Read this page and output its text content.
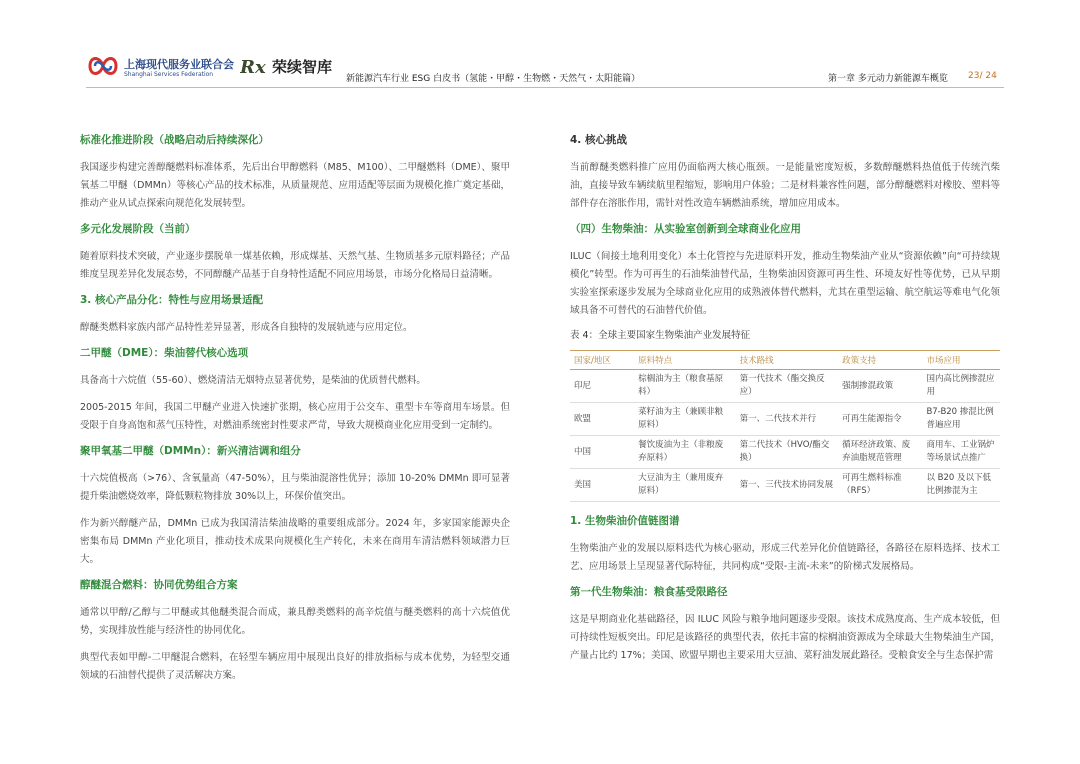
上海现代服务业联合会
Shanghai Services Federation Rx 荣续智库
新能源汽车行业 ESG 白皮书（氢能・甲醇・生物燃・天然气・太阳能篇）	第一章 多元动力新能源车概览 23/ 24
标准化推进阶段（战略启动后持续深化）

我国逐步构建完善醇醚燃料标准体系，先后出台甲醇燃料（M85、M100）、二甲醚燃料（DME）、聚甲氧基二甲醚（DMMn）等核心产品的技术标准，从质量规范、应用适配等层面为规模化推广奠定基础，推动产业从试点探索向规范化发展转型。

多元化发展阶段（当前）

随着原料技术突破，产业逐步摆脱单一煤基依赖，形成煤基、天然气基、生物质基多元原料路径；产品维度呈现差异化发展态势，不同醇醚产品基于自身特性适配不同应用场景，市场分化格局日益清晰。

3. 核心产品分化：特性与应用场景适配

醇醚类燃料家族内部产品特性差异显著，形成各自独特的发展轨迹与应用定位。

二甲醚（DME）：柴油替代核心选项

具备高十六烷值（55-60）、燃烧清洁无烟特点显著优势，是柴油的优质替代燃料。

2005-2015 年间，我国二甲醚产业进入快速扩张期，核心应用于公交车、重型卡车等商用车场景。但受限于自身高饱和蒸气压特性，对燃油系统密封性要求严苛，导致大规模商业化应用受到一定制约。

聚甲氧基二甲醚（DMMn）：新兴清洁调和组分

十六烷值极高（>76）、含氧量高（47-50%），且与柴油混溶性优异；添加 10-20% DMMn 即可显著提升柴油燃烧效率，降低颗粒物排放 30%以上，环保价值突出。

作为新兴醇醚产品，DMMn 已成为我国清洁柴油战略的重要组成部分。2024 年，多家国家能源央企密集布局 DMMn 产业化项目，推动技术成果向规模化生产转化，未来在商用车清洁燃料领域潜力巨大。

醇醚混合燃料：协同优势组合方案

通常以甲醇/乙醇与二甲醚或其他醚类混合而成，兼具醇类燃料的高辛烷值与醚类燃料的高十六烷值优势，实现排放性能与经济性的协同优化。

典型代表如甲醇-二甲醚混合燃料，在轻型车辆应用中展现出良好的排放指标与成本优势，为轻型交通领域的石油替代提供了灵活解决方案。

4. 核心挑战

当前醇醚类燃料推广应用仍面临两大核心瓶颈。一是能量密度短板，多数醇醚燃料热值低于传统汽柴油，直接导致车辆续航里程缩短，影响用户体验；二是材料兼容性问题，部分醇醚燃料对橡胶、塑料等部件存在溶胀作用，需针对性改造车辆燃油系统，增加应用成本。

（四）生物柴油：从实验室创新到全球商业化应用

ILUC（间接土地利用变化）本土化管控与先进原料开发，推动生物柴油产业从“资源依赖”向“可持续规模化”转型。作为可再生的石油柴油替代品，生物柴油因资源可再生性、环境友好性等优势，已从早期实验室探索逐步发展为全球商业化应用的成熟液体替代燃料，尤其在重型运输、航空航运等难电气化领域具备不可替代的石油替代价值。

表 4：全球主要国家生物柴油产业发展特征
国家/地区	原料特点	技术路线	政策支持	市场应用
印尼	棕榈油为主（粮食基原料）	第一代技术（酯交换反应）	强制掺混政策	国内高比例掺混应用
欧盟	菜籽油为主（兼顾非粮原料）	第一、二代技术并行	可再生能源指令	B7-B20 掺混比例普遍应用
中国	餐饮废油为主（非粮废弃原料）	第二代技术（HVO/酯交换）	循环经济政策、废弃油脂规范管理	商用车、工业锅炉等场景试点推广
美国	大豆油为主（兼用废弃原料）	第一、三代技术协同发展	可再生燃料标准（RFS）	以 B20 及以下低比例掺混为主
1. 生物柴油价值链图谱

生物柴油产业的发展以原料迭代为核心驱动，形成三代差异化价值链路径，各路径在原料选择、技术工艺、应用场景上呈现显著代际特征，共同构成“受限-主流-未来”的阶梯式发展格局。

第一代生物柴油：粮食基受限路径

这是早期商业化基础路径，因 ILUC 风险与粮争地问题逐步受限。该技术成熟度高、生产成本较低，但可持续性短板突出。印尼是该路径的典型代表，依托丰富的棕榈油资源成为全球最大生物柴油生产国，产量占比约 17%；美国、欧盟早期也主要采用大豆油、菜籽油发展此路径。受粮食安全与生态保护需
